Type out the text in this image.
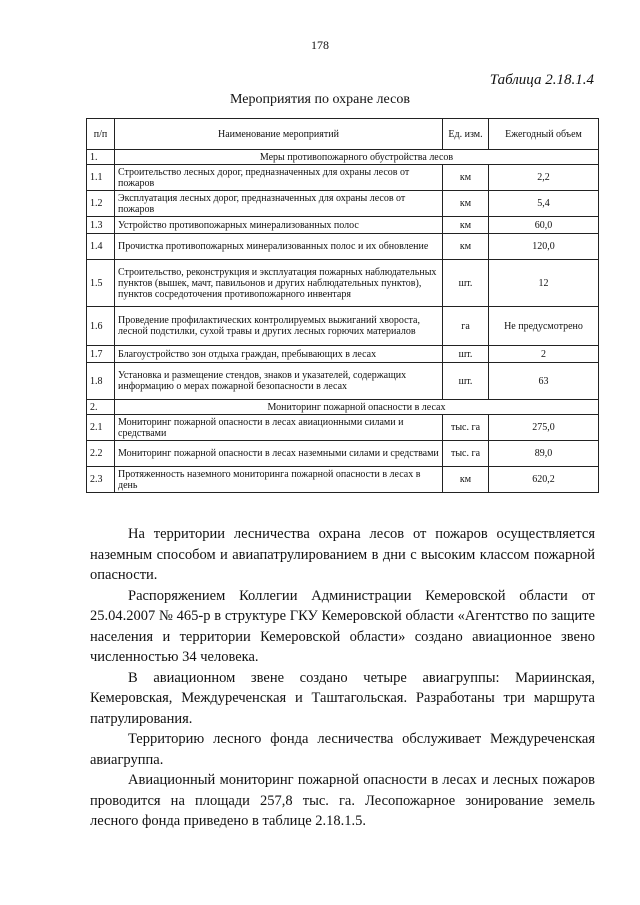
178
Таблица 2.18.1.4
Мероприятия по охране лесов
п/п	Наименование мероприятий	Ед. изм.	Ежегодный объем
1.	Меры противопожарного обустройства лесов		
1.1	Строительство лесных дорог, предназначенных для охраны лесов от пожаров	км	2,2
1.2	Эксплуатация лесных дорог, предназначенных для охраны лесов от пожаров	км	5,4
1.3	Устройство противопожарных минерализованных полос	км	60,0
1.4	Прочистка противопожарных минерализованных полос и их обновление	км	120,0
1.5	Строительство, реконструкция и эксплуатация пожарных наблюдательных пунктов (вышек, мачт, павильонов и других наблюдательных пунктов), пунктов сосредоточения противопожарного инвентаря	шт.	12
1.6	Проведение профилактических контролируемых выжиганий хвороста, лесной подстилки, сухой травы и других лесных горючих материалов	га	Не предусмотрено
1.7	Благоустройство зон отдыха граждан, пребывающих в лесах	шт.	2
1.8	Установка и размещение стендов, знаков и указателей, содержащих информацию о мерах пожарной безопасности в лесах	шт.	63
2.	Мониторинг пожарной опасности в лесах		
2.1	Мониторинг пожарной опасности в лесах авиационными силами и средствами	тыс. га	275,0
2.2	Мониторинг пожарной опасности в лесах наземными силами и средствами	тыс. га	89,0
2.3	Протяженность наземного мониторинга пожарной опасности в лесах в день	км	620,2

На территории лесничества охрана лесов от пожаров осуществляется наземным способом и авиапатрулированием в дни с высоким классом пожарной опасности.

Распоряжением Коллегии Администрации Кемеровской области от 25.04.2007 № 465-р в структуре ГКУ Кемеровской области «Агентство по защите населения и территории Кемеровской области» создано авиационное звено численностью 34 человека.

В авиационном звене создано четыре авиагруппы: Мариинская, Кемеровская, Междуреченская и Таштагольская. Разработаны три маршрута патрулирования.

Территорию лесного фонда лесничества обслуживает Междуреченская авиагруппа.

Авиационный мониторинг пожарной опасности в лесах и лесных пожаров проводится на площади 257,8 тыс. га. Лесопожарное зонирование земель лесного фонда приведено в таблице 2.18.1.5.
